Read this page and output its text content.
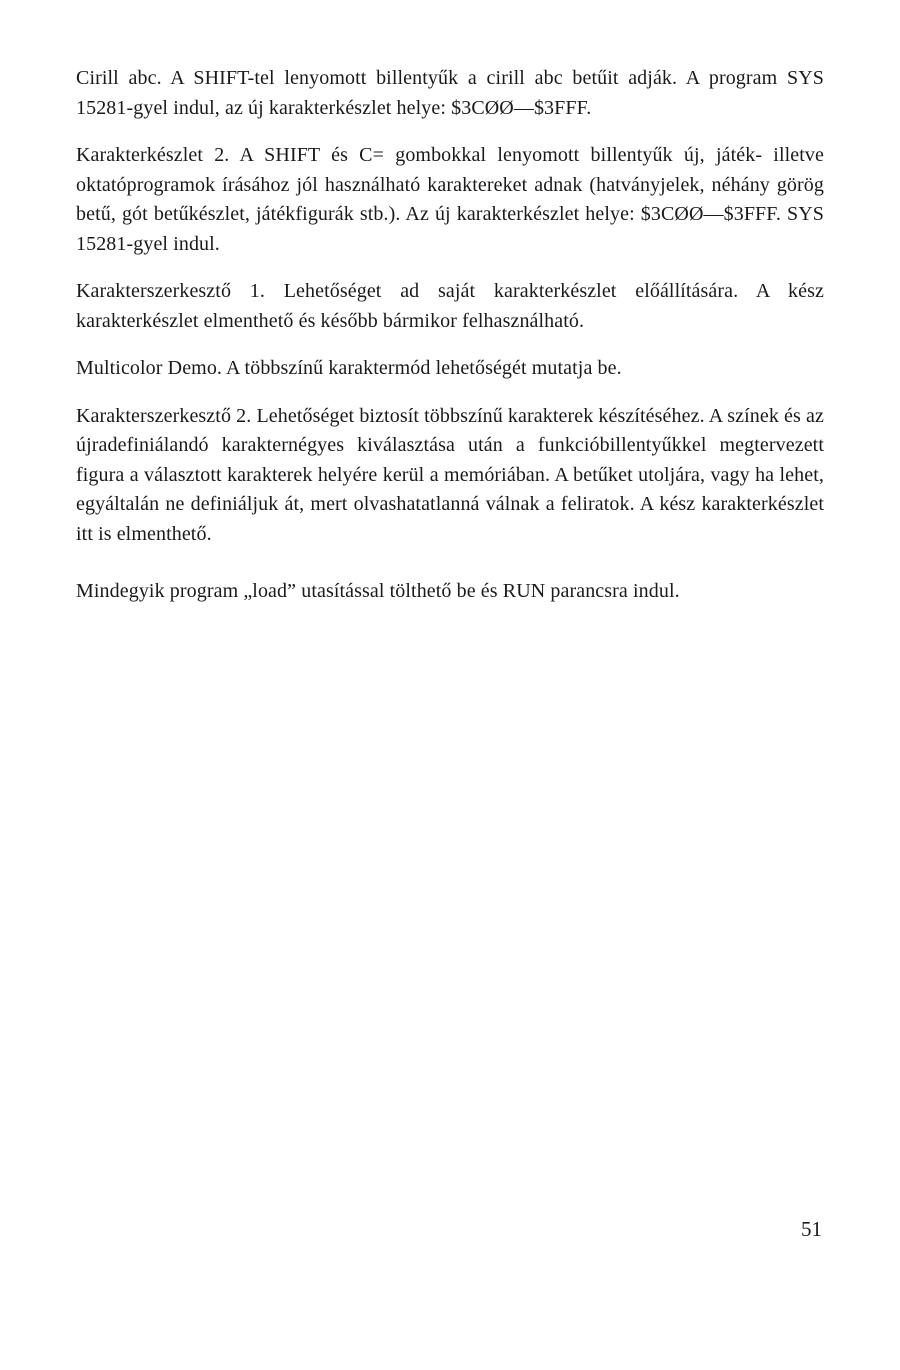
Cirill abc. A SHIFT-tel lenyomott billentyűk a cirill abc betűit adják. A program SYS 15281-gyel indul, az új karakterkészlet helye: $3CØØ—$3FFF.

Karakterkészlet 2. A SHIFT és C= gombokkal lenyomott billentyűk új, játék- illetve oktatóprogramok írásához jól használható karaktereket adnak (hatványjelek, néhány görög betű, gót betűkészlet, játékfigurák stb.). Az új karakterkészlet helye: $3CØØ—$3FFF. SYS 15281-gyel indul.

Karakterszerkesztő 1. Lehetőséget ad saját karakterkészlet előállítására. A kész karakterkészlet elmenthető és később bármikor felhasználható.

Multicolor Demo. A többszínű karaktermód lehetőségét mutatja be.

Karakterszerkesztő 2. Lehetőséget biztosít többszínű karakterek készítéséhez. A színek és az újradefiniálandó karakternégyes kiválasztása után a funkcióbillentyűkkel megtervezett figura a választott karakterek helyére kerül a memóriában. A betűket utoljára, vagy ha lehet, egyáltalán ne definiáljuk át, mert olvashatatlanná válnak a feliratok. A kész karakterkészlet itt is elmenthető.

Mindegyik program „load” utasítással tölthető be és RUN parancsra indul.

51
